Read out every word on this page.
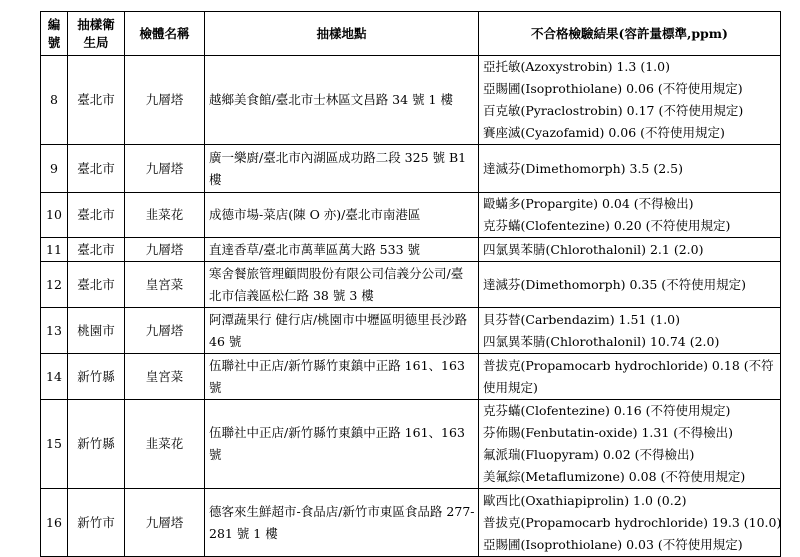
編號	抽樣衛生局	檢體名稱	抽樣地點	不合格檢驗結果(容許量標準,ppm)
8	臺北市	九層塔	越鄉美食館/臺北市士林區文昌路 34 號 1 樓	亞托敏(Azoxystrobin) 1.3 (1.0)
亞賜圃(Isoprothiolane) 0.06 (不符使用規定)
百克敏(Pyraclostrobin) 0.17 (不符使用規定)
賽座滅(Cyazofamid) 0.06 (不符使用規定)

9	臺北市	九層塔	廣一樂廚/臺北市內湖區成功路二段 325 號 B1 樓	達滅芬(Dimethomorph) 3.5 (2.5)

10	臺北市	韭菜花	成德市場-菜店(陳 O 亦)/臺北市南港區	毆蟎多(Propargite) 0.04 (不得檢出)
克芬蟎(Clofentezine) 0.20 (不符使用規定)

11	臺北市	九層塔	直達香草/臺北市萬華區萬大路 533 號	四氯異苯腈(Chlorothalonil) 2.1 (2.0)

12	臺北市	皇宮菜	寒舍餐旅管理顧問股份有限公司信義分公司/臺北市信義區松仁路 38 號 3 樓	達滅芬(Dimethomorph) 0.35 (不符使用規定)

13	桃園市	九層塔	阿潭蔬果行 健行店/桃園市中壢區明德里長沙路 46 號	貝芬替(Carbendazim) 1.51 (1.0)
四氯異苯腈(Chlorothalonil) 10.74 (2.0)

14	新竹縣	皇宮菜	伍聯社中正店/新竹縣竹東鎮中正路 161、163 號	普拔克(Propamocarb hydrochloride) 0.18 (不符使用規定)

15	新竹縣	韭菜花	伍聯社中正店/新竹縣竹東鎮中正路 161、163 號	克芬蟎(Clofentezine) 0.16 (不符使用規定)
芬佈賜(Fenbutatin-oxide) 1.31 (不得檢出)
氟派瑞(Fluopyram) 0.02 (不得檢出)
美氟綜(Metaflumizone) 0.08 (不符使用規定)

16	新竹市	九層塔	德客來生鮮超市-食品店/新竹市東區食品路 277-281 號 1 樓	歐西比(Oxathiapiprolin) 1.0 (0.2)
普拔克(Propamocarb hydrochloride) 19.3 (10.0)
亞賜圃(Isoprothiolane) 0.03 (不符使用規定)
